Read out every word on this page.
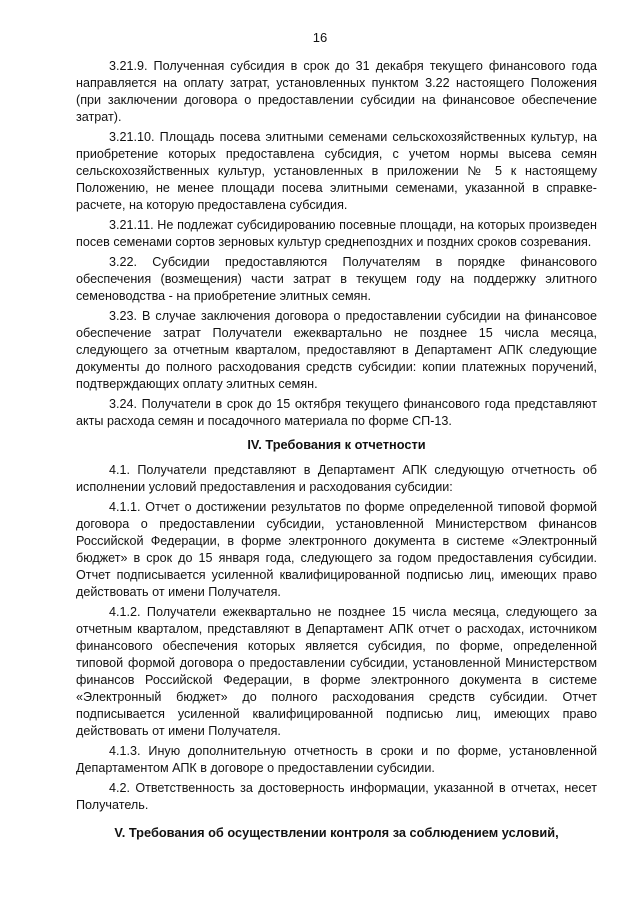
16

3.21.9. Полученная субсидия в срок до 31 декабря текущего финансового года направляется на оплату затрат, установленных пунктом 3.22 настоящего Положения (при заключении договора о предоставлении субсидии на финансовое обеспечение затрат).

3.21.10. Площадь посева элитными семенами сельскохозяйственных культур, на приобретение которых предоставлена субсидия, с учетом нормы высева семян сельскохозяйственных культур, установленных в приложении № 5 к настоящему Положению, не менее площади посева элитными семенами, указанной в справке-расчете, на которую предоставлена субсидия.

3.21.11. Не подлежат субсидированию посевные площади, на которых произведен посев семенами сортов зерновых культур среднепоздних и поздних сроков созревания.

3.22. Субсидии предоставляются Получателям в порядке финансового обеспечения (возмещения) части затрат в текущем году на поддержку элитного семеноводства - на приобретение элитных семян.

3.23. В случае заключения договора о предоставлении субсидии на финансовое обеспечение затрат Получатели ежеквартально не позднее 15 числа месяца, следующего за отчетным кварталом, предоставляют в Департамент АПК следующие документы до полного расходования средств субсидии: копии платежных поручений, подтверждающих оплату элитных семян.

3.24. Получатели в срок до 15 октября текущего финансового года представляют акты расхода семян и посадочного материала по форме СП-13.

IV. Требования к отчетности

4.1. Получатели представляют в Департамент АПК следующую отчетность об исполнении условий предоставления и расходования субсидии:

4.1.1. Отчет о достижении результатов по форме определенной типовой формой договора о предоставлении субсидии, установленной Министерством финансов Российской Федерации, в форме электронного документа в системе «Электронный бюджет» в срок до 15 января года, следующего за годом предоставления субсидии. Отчет подписывается усиленной квалифицированной подписью лиц, имеющих право действовать от имени Получателя.

4.1.2. Получатели ежеквартально не позднее 15 числа месяца, следующего за отчетным кварталом, представляют в Департамент АПК отчет о расходах, источником финансового обеспечения которых является субсидия, по форме, определенной типовой формой договора о предоставлении субсидии, установленной Министерством финансов Российской Федерации, в форме электронного документа в системе «Электронный бюджет» до полного расходования средств субсидии. Отчет подписывается усиленной квалифицированной подписью лиц, имеющих право действовать от имени Получателя.

4.1.3. Иную дополнительную отчетность в сроки и по форме, установленной Департаментом АПК в договоре о предоставлении субсидии.

4.2. Ответственность за достоверность информации, указанной в отчетах, несет Получатель.

V. Требования об осуществлении контроля за соблюдением условий,
